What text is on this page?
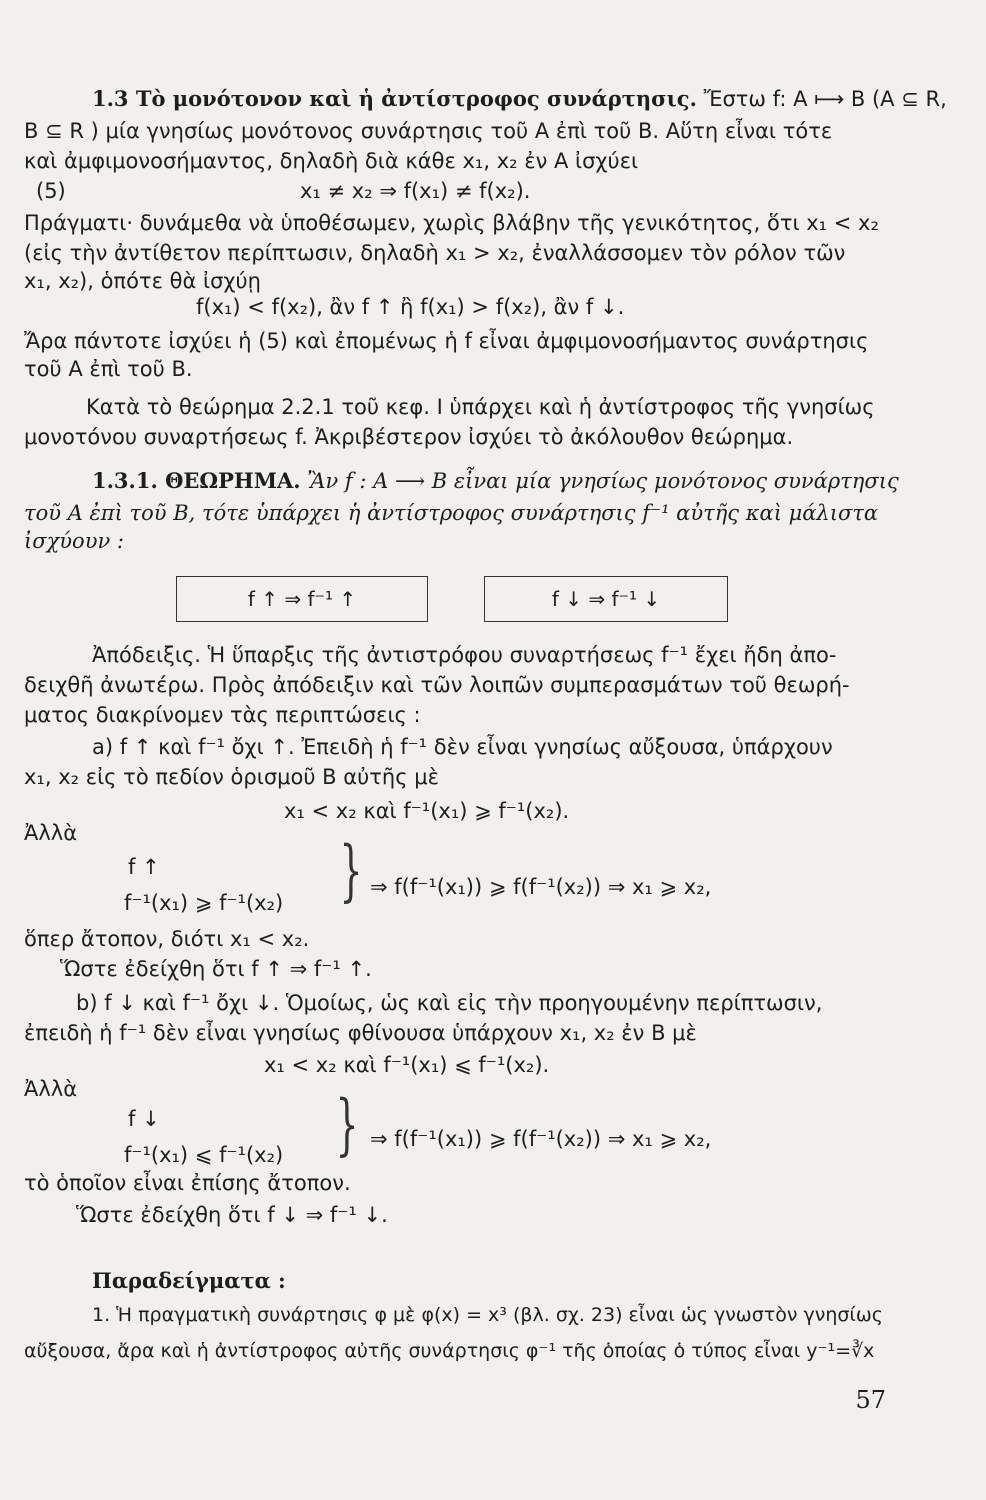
1.3 Τὸ μονότονον καὶ ἡ ἀντίστροφος συνάρτησις. Ἔστω f: A ⟼ B (A ⊆ R,
B ⊆ R ) μία γνησίως μονότονος συνάρτησις τοῦ A ἐπὶ τοῦ B. Αὕτη εἶναι τότε
καὶ ἀμφιμονοσήμαντος, δηλαδὴ διὰ κάθε x₁, x₂ ἐν A ἰσχύει
(5)	x₁ ≠ x₂ ⇒ f(x₁) ≠ f(x₂).
Πράγματι· δυνάμεθα νὰ ὑποθέσωμεν, χωρὶς βλάβην τῆς γενικότητος, ὅτι x₁ < x₂
(εἰς τὴν ἀντίθετον περίπτωσιν, δηλαδὴ x₁ > x₂, ἐναλλάσσομεν τὸν ρόλον τῶν
x₁, x₂), ὁπότε θὰ ἰσχύῃ
f(x₁) < f(x₂), ἂν f ↑ ἢ f(x₁) > f(x₂), ἂν f ↓.
Ἄρα πάντοτε ἰσχύει ἡ (5) καὶ ἐπομένως ἡ f εἶναι ἀμφιμονοσήμαντος συνάρτησις
τοῦ A ἐπὶ τοῦ B.
Κατὰ τὸ θεώρημα 2.2.1 τοῦ κεφ. I ὑπάρχει καὶ ἡ ἀντίστροφος τῆς γνησίως
μονοτόνου συναρτήσεως f. Ἀκριβέστερον ἰσχύει τὸ ἀκόλουθον θεώρημα.
1.3.1. ΘΕΩΡΗΜΑ. Ἂν f : A ⟶ B εἶναι μία γνησίως μονότονος συνάρτησις
τοῦ A ἐπὶ τοῦ B, τότε ὑπάρχει ἡ ἀντίστροφος συνάρτησις f⁻¹ αὐτῆς καὶ μάλιστα
ἰσχύουν :
f ↑ ⇒ f⁻¹ ↑	f ↓ ⇒ f⁻¹ ↓
Ἀπόδειξις. Ἡ ὕπαρξις τῆς ἀντιστρόφου συναρτήσεως f⁻¹ ἔχει ἤδη ἀπο-
δειχθῆ ἀνωτέρω. Πρὸς ἀπόδειξιν καὶ τῶν λοιπῶν συμπερασμάτων τοῦ θεωρή-
ματος διακρίνομεν τὰς περιπτώσεις :
a) f ↑ καὶ f⁻¹ ὄχι ↑. Ἐπειδὴ ἡ f⁻¹ δὲν εἶναι γνησίως αὔξουσα, ὑπάρχουν
x₁, x₂ εἰς τὸ πεδίον ὁρισμοῦ B αὐτῆς μὲ
x₁ < x₂ καὶ f⁻¹(x₁) ⩾ f⁻¹(x₂).
Ἀλλὰ
f ↑
f⁻¹(x₁) ⩾ f⁻¹(x₂) } ⇒ f(f⁻¹(x₁)) ⩾ f(f⁻¹(x₂)) ⇒ x₁ ⩾ x₂,
ὅπερ ἄτοπον, διότι x₁ < x₂.
Ὥστε ἐδείχθη ὅτι f ↑ ⇒ f⁻¹ ↑.
b) f ↓ καὶ f⁻¹ ὄχι ↓. Ὁμοίως, ὡς καὶ εἰς τὴν προηγουμένην περίπτωσιν,
ἐπειδὴ ἡ f⁻¹ δὲν εἶναι γνησίως φθίνουσα ὑπάρχουν x₁, x₂ ἐν B μὲ
x₁ < x₂ καὶ f⁻¹(x₁) ⩽ f⁻¹(x₂).
Ἀλλὰ
f ↓
f⁻¹(x₁) ⩽ f⁻¹(x₂) } ⇒ f(f⁻¹(x₁)) ⩾ f(f⁻¹(x₂)) ⇒ x₁ ⩾ x₂,
τὸ ὁποῖον εἶναι ἐπίσης ἄτοπον.
Ὥστε ἐδείχθη ὅτι f ↓ ⇒ f⁻¹ ↓.
Παραδείγματα :
1. Ἡ πραγματικὴ συνάρτησις φ μὲ φ(x) = x³ (βλ. σχ. 23) εἶναι ὡς γνωστὸν γνησίως
αὔξουσα, ἄρα καὶ ἡ ἀντίστροφος αὐτῆς συνάρτησις φ⁻¹ τῆς ὁποίας ὁ τύπος εἶναι y⁻¹=∛x
57
